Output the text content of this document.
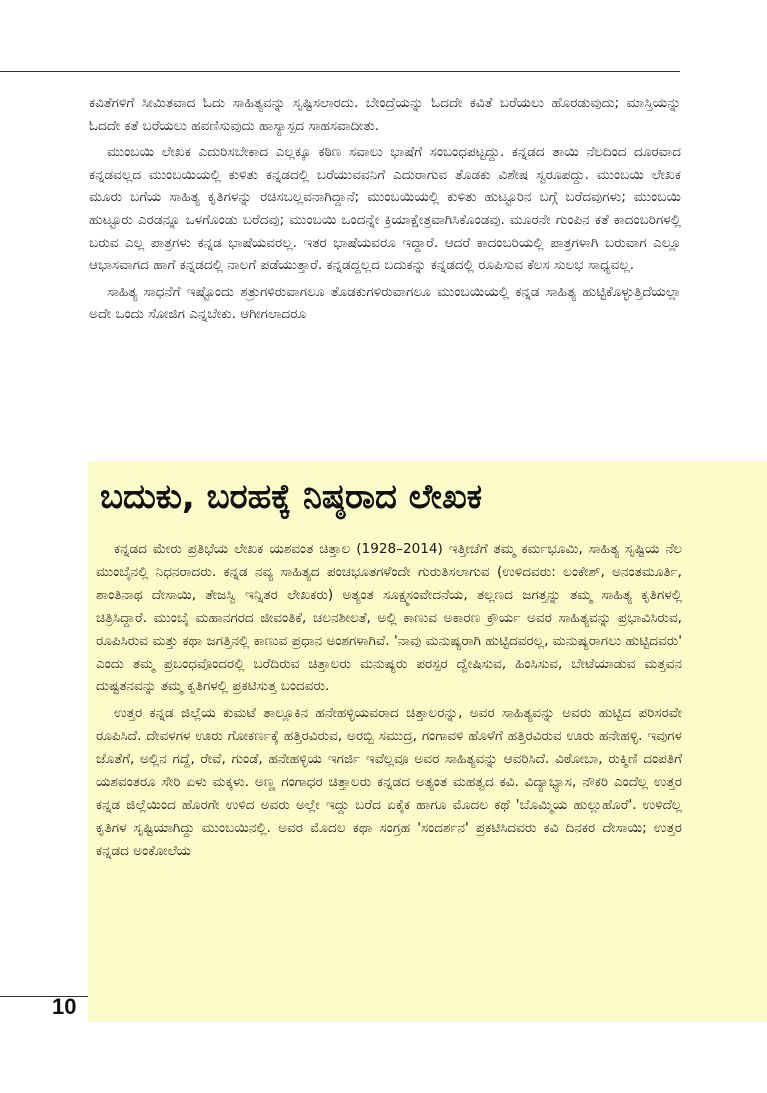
ಕವಿತೆಗಳಿಗೆ ಸೀಮಿತವಾದ ಓದು ಸಾಹಿತ್ಯವನ್ನು ಸೃಷ್ಟಿಸಲಾರದು. ಬೇಂದ್ರೆಯನ್ನು ಓದದೇ ಕವಿತೆ ಬರೆಯಲು ಹೊರಡುವುದು; ಮಾಸ್ತಿಯನ್ನು ಓದದೇ ಕತೆ ಬರೆಯಲು ಹವಣಿಸುವುದು ಹಾಸ್ಯಾಸ್ಪದ ಸಾಹಸವಾದೀತು.

ಮುಂಬಯಿ ಲೇಖಕ ಎದುರಿಸಬೇಕಾದ ಎಲ್ಲಕ್ಕೂ ಕಠಿಣ ಸವಾಲು ಭಾಷೆಗೆ ಸಂಬಂಧಪಟ್ಟದ್ದು. ಕನ್ನಡದ ತಾಯಿ ನೆಲದಿಂದ ದೂರವಾದ ಕನ್ನಡವಲ್ಲದ ಮುಂಬಯಿಯಲ್ಲಿ ಕುಳಿತು ಕನ್ನಡದಲ್ಲಿ ಬರೆಯುವವನಿಗೆ ಎದುರಾಗುವ ತೊಡಕು ವಿಶೇಷ ಸ್ವರೂಪದ್ದು. ಮುಂಬಯಿ ಲೇಖಕ ಮೂರು ಬಗೆಯ ಸಾಹಿತ್ಯ ಕೃತಿಗಳನ್ನು ರಚಿಸಬಲ್ಲವನಾಗಿದ್ದಾನೆ; ಮುಂಬಯಿಯಲ್ಲಿ ಕುಳಿತು ಹುಟ್ಟೂರಿನ ಬಗ್ಗೆ ಬರೆದವುಗಳು; ಮುಂಬಯಿ ಹುಟ್ಟೂರು ಎರಡನ್ನೂ ಒಳಗೊಂಡು ಬರೆದವು; ಮುಂಬಯಿ ಒಂದನ್ನೇ ಕ್ರಿಯಾಕ್ಷೇತ್ರವಾಗಿಸಿಕೊಂಡವು. ಮೂರನೇ ಗುಂಪಿನ ಕತೆ ಕಾದಂಬರಿಗಳಲ್ಲಿ ಬರುವ ಎಲ್ಲ ಪಾತ್ರಗಳು ಕನ್ನಡ ಭಾಷೆಯವರಲ್ಲ. ಇತರ ಭಾಷೆಯವರೂ ಇದ್ದಾರೆ. ಆದರೆ ಕಾದಂಬರಿಯಲ್ಲಿ ಪಾತ್ರಗಳಾಗಿ ಬರುವಾಗ ಎಲ್ಲೂ ಆಭಾಸವಾಗದ ಹಾಗೆ ಕನ್ನಡದಲ್ಲಿ ನಾಲಗೆ ಪಡೆಯುತ್ತಾರೆ. ಕನ್ನಡದ್ದಲ್ಲದ ಬದುಕನ್ನು ಕನ್ನಡದಲ್ಲಿ ರೂಪಿಸುವ ಕೆಲಸ ಸುಲಭ ಸಾಧ್ಯವಲ್ಲ.

ಸಾಹಿತ್ಯ ಸಾಧನೆಗೆ ಇಷ್ಟೊಂದು ಶತ್ರುಗಳಿರುವಾಗಲೂ ತೊಡಕುಗಳಿರುವಾಗಲೂ ಮುಂಬಯಿಯಲ್ಲಿ ಕನ್ನಡ ಸಾಹಿತ್ಯ ಹುಟ್ಟಿಕೊಳ್ಳುತ್ತಿದೆಯಲ್ಲಾ ಅದೇ ಒಂದು ಸೋಜಿಗ ಎನ್ನಬೇಕು. ಆಗೀಗಲಾದರೂ

ಬದುಕು, ಬರಹಕ್ಕೆ ನಿಷ್ಠರಾದ ಲೇಖಕ

ಕನ್ನಡದ ಮೇರು ಪ್ರತಿಭೆಯ ಲೇಖಕ ಯಶವಂತ ಚಿತ್ತಾಲ (1928–2014) ಇತ್ತೀಚೆಗೆ ತಮ್ಮ ಕರ್ಮಭೂಮಿ, ಸಾಹಿತ್ಯ ಸೃಷ್ಟಿಯ ನೆಲ ಮುಂಬೈನಲ್ಲಿ ನಿಧನರಾದರು. ಕನ್ನಡ ನವ್ಯ ಸಾಹಿತ್ಯದ ಪಂಚಭೂತಗಳೆಂದೇ ಗುರುತಿಸಲಾಗುವ (ಉಳಿದವರು: ಲಂಕೇಶ್, ಅನಂತಮೂರ್ತಿ, ಶಾಂತಿನಾಥ ದೇಸಾಯಿ, ತೇಜಸ್ವಿ ಇನ್ನಿತರ ಲೇಖಕರು) ಅತ್ಯಂತ ಸೂಕ್ಷ್ಮಸಂವೇದನೆಯ, ತಲ್ಲಣದ ಜಗತ್ತನ್ನು ತಮ್ಮ ಸಾಹಿತ್ಯ ಕೃತಿಗಳಲ್ಲಿ ಚಿತ್ರಿಸಿದ್ದಾರೆ. ಮುಂಬೈ ಮಹಾನಗರದ ಜೀವಂತಿಕೆ, ಚಲನಶೀಲತೆ, ಅಲ್ಲಿ ಕಾಣುವ ಅಕಾರಣ ಕ್ರೌರ್ಯ ಅವರ ಸಾಹಿತ್ಯವನ್ನು ಪ್ರಭಾವಿಸಿರುವ, ರೂಪಿಸಿರುವ ಮತ್ತು ಕಥಾ ಜಗತ್ತಿನಲ್ಲಿ ಕಾಣುವ ಪ್ರಧಾನ ಅಂಶಗಳಾಗಿವೆ. 'ನಾವು ಮನುಷ್ಯರಾಗಿ ಹುಟ್ಟಿದವರಲ್ಲ, ಮನುಷ್ಯರಾಗಲು ಹುಟ್ಟಿದವರು' ಎಂದು ತಮ್ಮ ಪ್ರಬಂಧವೊಂದರಲ್ಲಿ ಬರೆದಿರುವ ಚಿತ್ತಾಲರು ಮನುಷ್ಯರು ಪರಸ್ಪರ ದ್ವೇಷಿಸುವ, ಹಿಂಸಿಸುವ, ಬೇಟೆಯಾಡುವ ಮತ್ತವನ ದುಷ್ಟತನವನ್ನು ತಮ್ಮ ಕೃತಿಗಳಲ್ಲಿ ಪ್ರಕಟಿಸುತ್ತ ಬಂದವರು.

ಉತ್ತರ ಕನ್ನಡ ಜಿಲ್ಲೆಯ ಕುಮಟೆ ತಾಲ್ಲೂಕಿನ ಹನೇಹಳ್ಳಿಯವರಾದ ಚಿತ್ತಾಲರನ್ನು, ಅವರ ಸಾಹಿತ್ಯವನ್ನು ಅವರು ಹುಟ್ಟಿದ ಪರಿಸರವೇ ರೂಪಿಸಿದೆ. ದೇವಳಗಳ ಊರು ಗೋಕರ್ಣಕ್ಕೆ ಹತ್ತಿರವಿರುವ, ಅರಬ್ಬಿ ಸಮುದ್ರ, ಗಂಗಾವಳಿ ಹೊಳೆಗೆ ಹತ್ತಿರವಿರುವ ಊರು ಹನೇಹಳ್ಳಿ. ಇವುಗಳ ಜೊತೆಗೆ, ಅಲ್ಲಿನ ಗದ್ದೆ, ರೇವೆ, ಗುಂಡೆ, ಹನೇಹಳ್ಳಿಯ ಇಗರ್ಜಿ ಇವೆಲ್ಲವೂ ಅವರ ಸಾಹಿತ್ಯವನ್ನು ಆವರಿಸಿದೆ. ವಿಠೋಬಾ, ರುಕ್ಮಿಣಿ ದಂಪತಿಗೆ ಯಶವಂತರೂ ಸೇರಿ ಏಳು ಮಕ್ಕಳು. ಅಣ್ಣ ಗಂಗಾಧರ ಚಿತ್ತಾಲರು ಕನ್ನಡದ ಅತ್ಯಂತ ಮಹತ್ವದ ಕವಿ. ವಿದ್ಯಾಭ್ಯಾಸ, ನೌಕರಿ ಎಂದೆಲ್ಲ ಉತ್ತರ ಕನ್ನಡ ಜಿಲ್ಲೆಯಿಂದ ಹೊರಗೇ ಉಳಿದ ಅವರು ಅಲ್ಲೇ ಇದ್ದು ಬರೆದ ಏಕೈಕ ಹಾಗೂ ಮೊದಲ ಕಥೆ 'ಬೊಮ್ಮಿಯ ಹುಲ್ಲುಹೊರೆ'. ಉಳಿದೆಲ್ಲ ಕೃತಿಗಳ ಸೃಷ್ಟಿಯಾಗಿದ್ದು ಮುಂಬಯಿನಲ್ಲಿ. ಅವರ ಮೊದಲ ಕಥಾ ಸಂಗ್ರಹ 'ಸಂದರ್ಶನ' ಪ್ರಕಟಿಸಿದವರು ಕವಿ ದಿನಕರ ದೇಸಾಯಿ; ಉತ್ತರ ಕನ್ನಡದ ಅಂಕೋಲೆಯ

10
